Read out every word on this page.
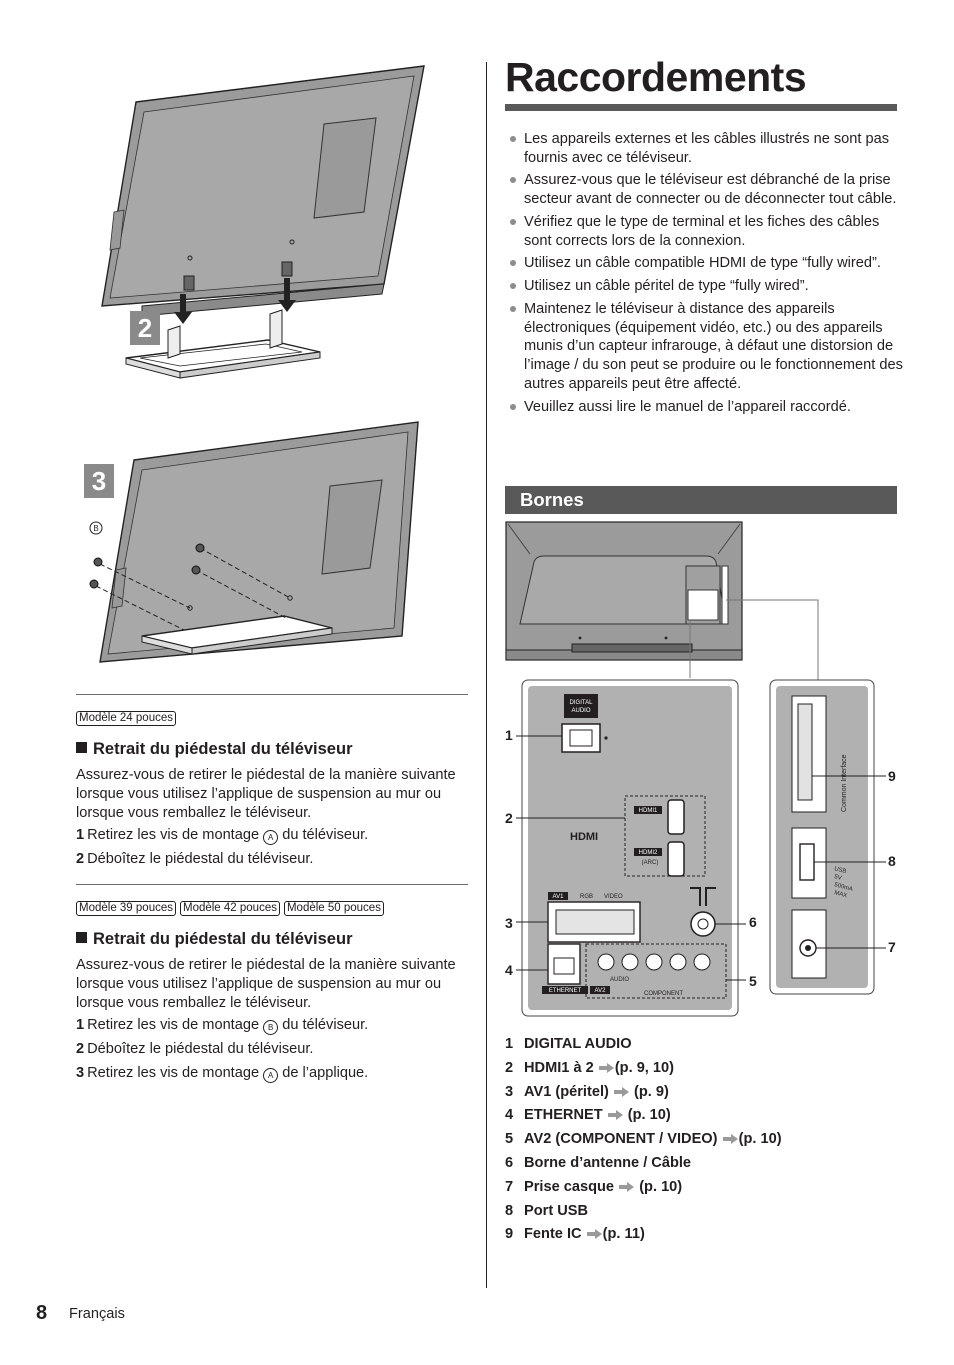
2
B
3
Modèle 24 pouces
Retrait du piédestal du téléviseur
Assurez-vous de retirer le piédestal de la manière suivante lorsque vous utilisez l’applique de suspension au mur ou lorsque vous remballez le téléviseur.
1 Retirez les vis de montage A du téléviseur.
2 Déboîtez le piédestal du téléviseur.
Modèle 39 pouces Modèle 42 pouces Modèle 50 pouces
Retrait du piédestal du téléviseur
Assurez-vous de retirer le piédestal de la manière suivante lorsque vous utilisez l’applique de suspension au mur ou lorsque vous remballez le téléviseur.
1 Retirez les vis de montage B du téléviseur.
2 Déboîtez le piédestal du téléviseur.
3 Retirez les vis de montage A de l’applique.
Raccordements
Les appareils externes et les câbles illustrés ne sont pas fournis avec ce téléviseur.
Assurez-vous que le téléviseur est débranché de la prise secteur avant de connecter ou de déconnecter tout câble.
Vérifiez que le type de terminal et les fiches des câbles sont corrects lors de la connexion.
Utilisez un câble compatible HDMI de type “fully wired”.
Utilisez un câble péritel de type “fully wired”.
Maintenez le téléviseur à distance des appareils électroniques (équipement vidéo, etc.) ou des appareils munis d’un capteur infrarouge, à défaut une distorsion de l’image / du son peut se produire ou le fonctionnement des autres appareils peut être affecté.
Veuillez aussi lire le manuel de l’appareil raccordé.
Bornes
DIGITAL
AUDIO
HDMI1
HDMI2
(ARC)
HDMI
AV1	RGB VIDEO
ETHERNET AV2
AUDIO
COMPONENT
Common Interface
USB
5V
500mA
MAX
1
2
3
4
5
6
7
8
9
1 DIGITAL AUDIO
2 HDMI1 à 2 (p. 9, 10)
3 AV1 (péritel) (p. 9)
4 ETHERNET (p. 10)
5 AV2 (COMPONENT / VIDEO) (p. 10)
6 Borne d’antenne / Câble
7 Prise casque (p. 10)
8 Port USB
9 Fente IC (p. 11)
8 Français
